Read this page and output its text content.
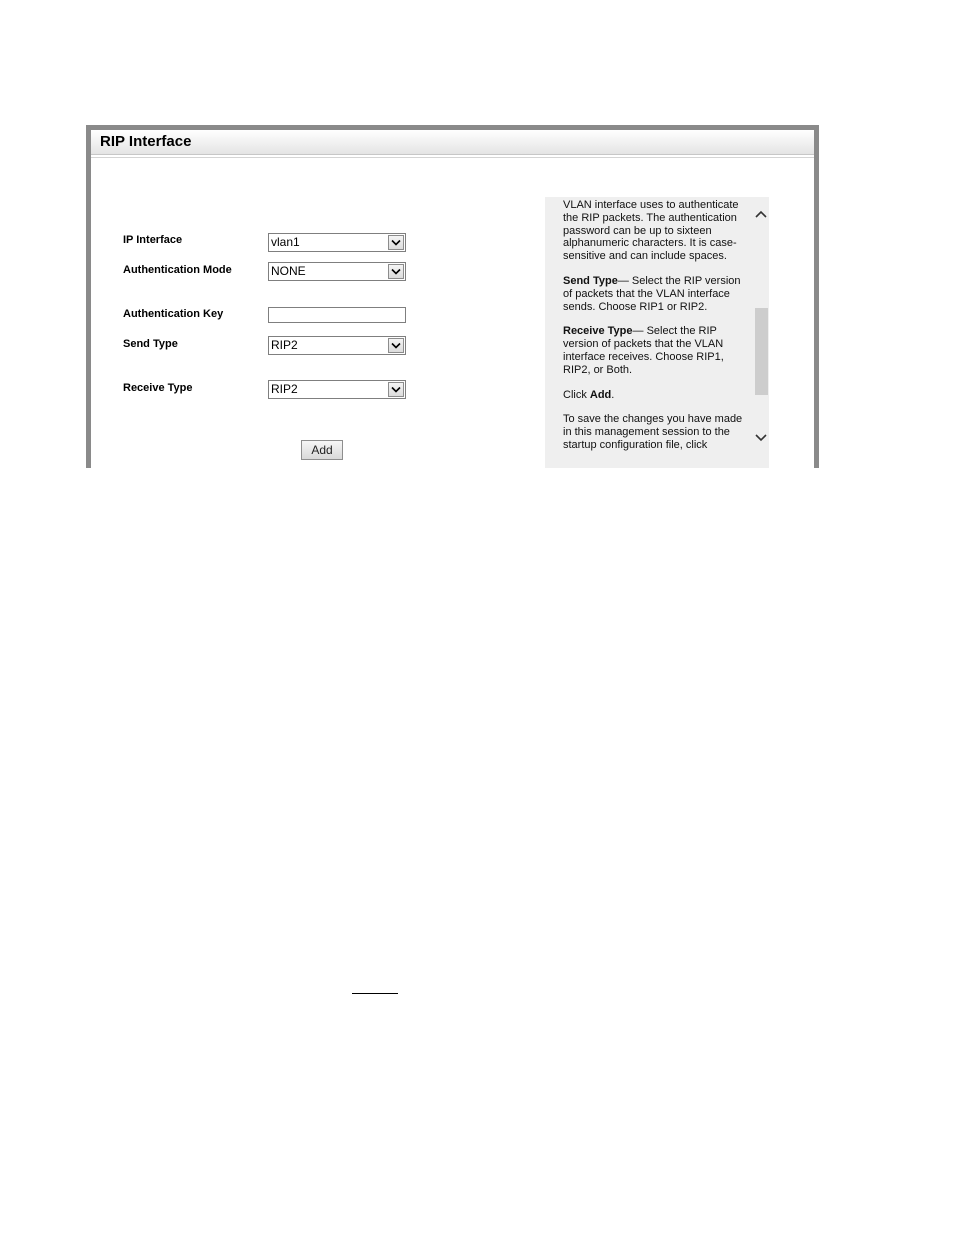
RIP Interface
IP Interface	vlan1
Authentication Mode	NONE
Authentication Key
Send Type	RIP2
Receive Type	RIP2
Add

VLAN interface uses to authenticate the RIP packets. The authentication password can be up to sixteen alphanumeric characters. It is case-sensitive and can include spaces.

Send Type— Select the RIP version of packets that the VLAN interface sends. Choose RIP1 or RIP2.

Receive Type— Select the RIP version of packets that the VLAN interface receives. Choose RIP1, RIP2, or Both.

Click Add.

To save the changes you have made in this management session to the startup configuration file, click
